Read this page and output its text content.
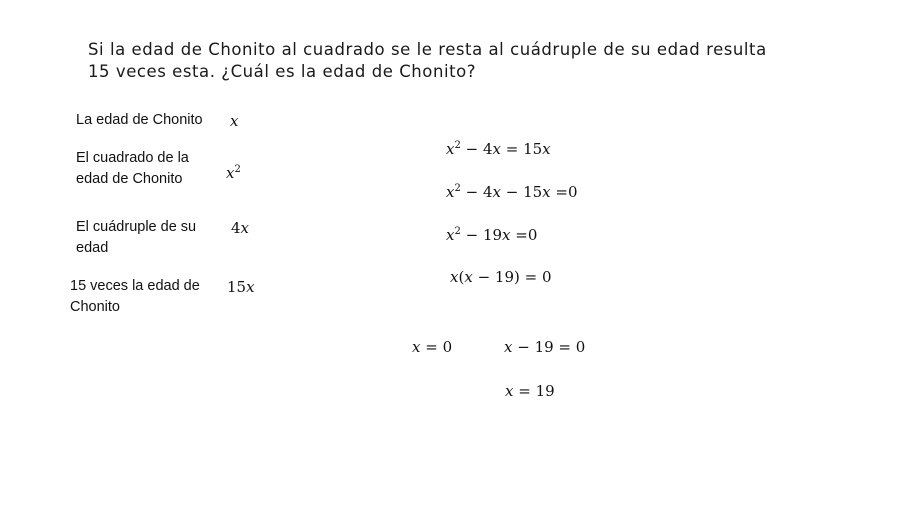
Si la edad de Chonito al cuadrado se le resta al cuádruple de su edad resulta
15 veces esta. ¿Cuál es la edad de Chonito?
La edad de Chonito x
El cuadrado de la
edad de Chonito	$x^2$
El cuádruple de su
edad
4x
15 veces la edad de
Chonito
15x
$x^2 - 4x = 15x$
$x^2 - 4x - 15x =0$
$x^2 - 19x =0$
x(x − 19) = 0
x = 0	x − 19 = 0
x = 19
